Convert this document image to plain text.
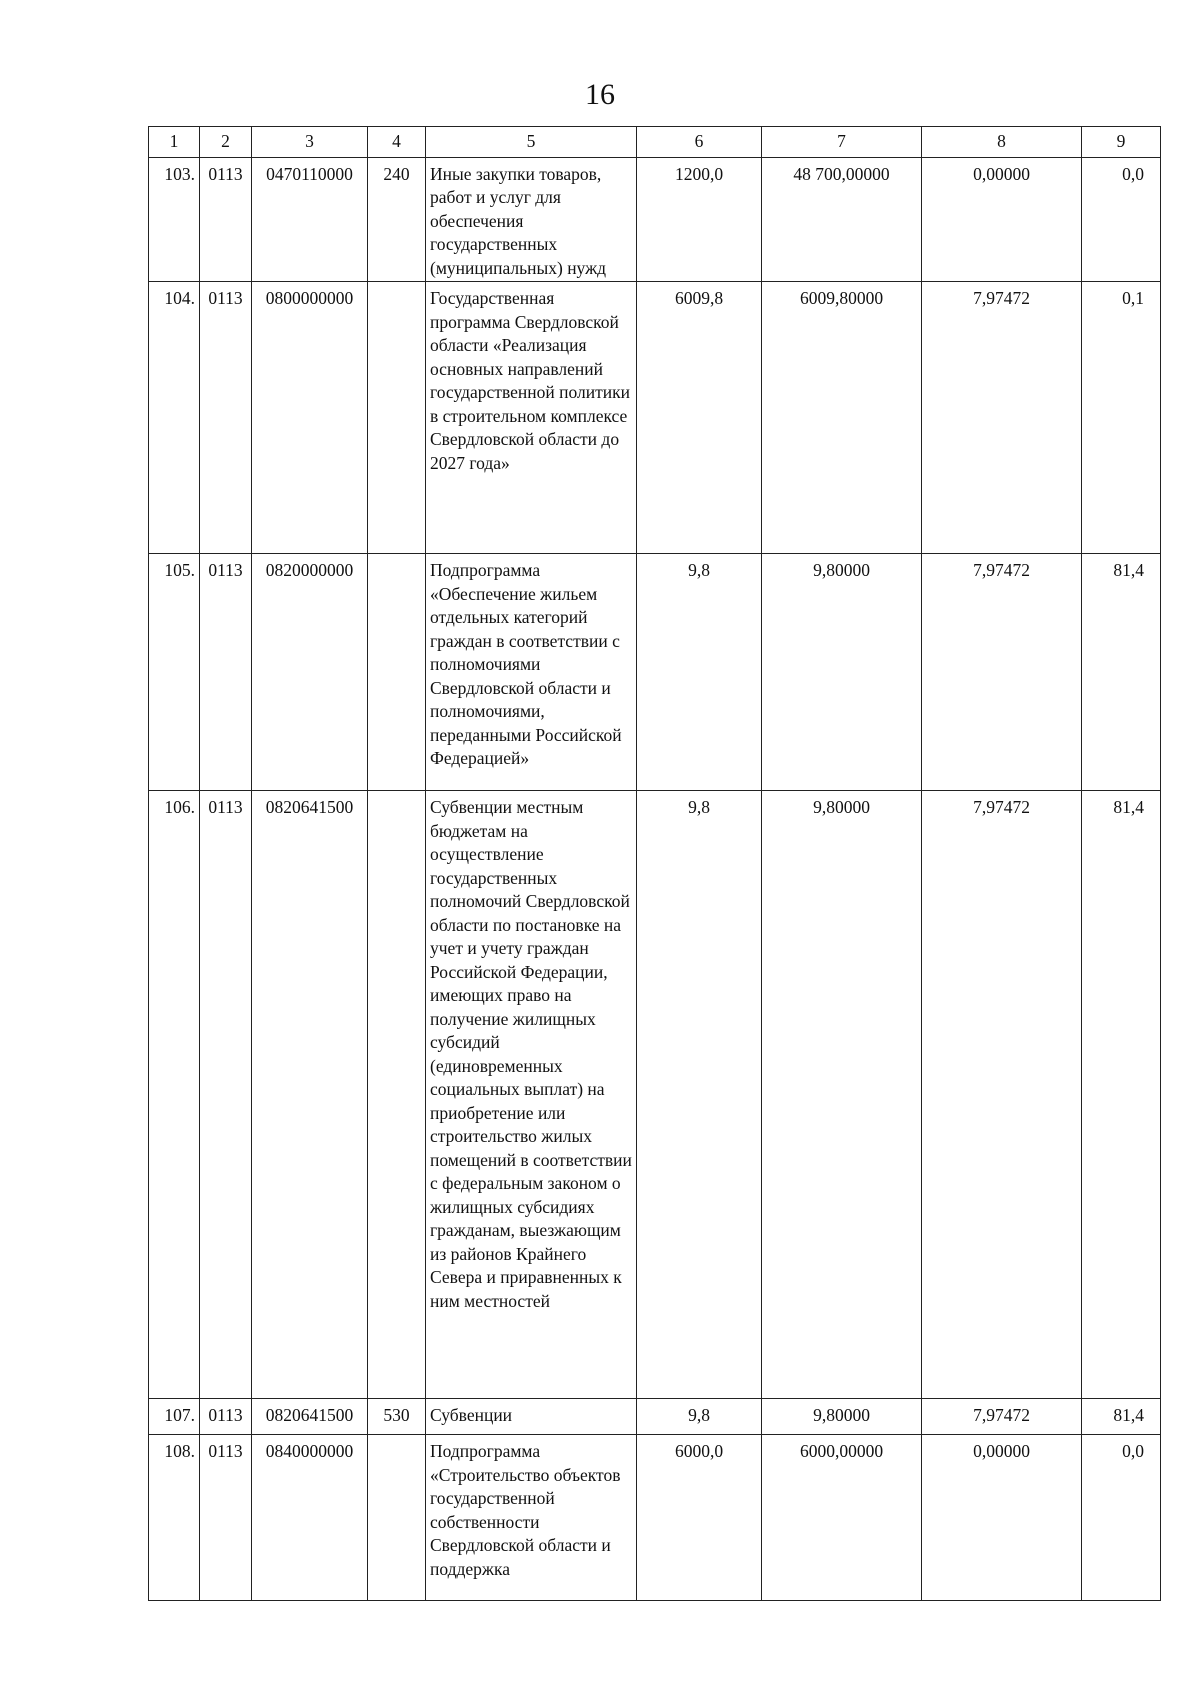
16
1	2	3	4	5	6	7	8	9
103.	0113	0470110000	240	Иные закупки товаров, работ и услуг для обеспечения государственных (муниципальных) нужд	1200,0	48 700,00000	0,00000	0,0
104.	0113	0800000000		Государственная программа Свердловской области «Реализация основных направлений государственной политики в строительном комплексе Свердловской области до 2027 года»	6009,8	6009,80000	7,97472	0,1
105.	0113	0820000000		Подпрограмма «Обеспечение жильем отдельных категорий граждан в соответствии с полномочиями Свердловской области и полномочиями, переданными Российской Федерацией»	9,8	9,80000	7,97472	81,4
106.	0113	0820641500		Субвенции местным бюджетам на осуществление государственных полномочий Свердловской области по постановке на учет и учету граждан Российской Федерации, имеющих право на получение жилищных субсидий (единовременных социальных выплат) на приобретение или строительство жилых помещений в соответствии с федеральным законом о жилищных субсидиях гражданам, выезжающим из районов Крайнего Севера и приравненных к ним местностей	9,8	9,80000	7,97472	81,4
107.	0113	0820641500	530	Субвенции	9,8	9,80000	7,97472	81,4
108.	0113	0840000000		Подпрограмма «Строительство объектов государственной собственности Свердловской области и поддержка	6000,0	6000,00000	0,00000	0,0
